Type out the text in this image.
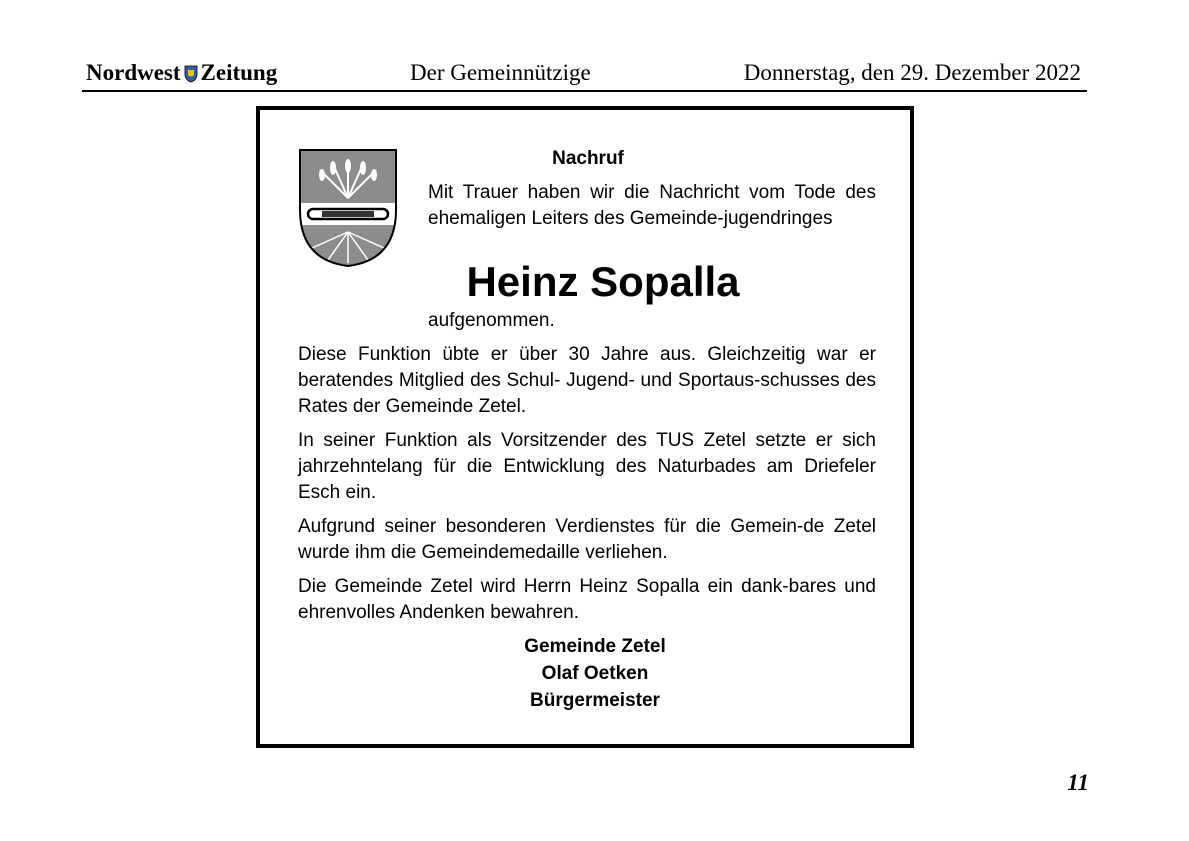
Nordwest Zeitung	Der Gemeinnützige	Donnerstag, den 29. Dezember 2022
Nachruf
Mit Trauer haben wir die Nachricht vom Tode des ehemaligen Leiters des Gemeinde-jugendringes
Heinz Sopalla
aufgenommen.
Diese Funktion übte er über 30 Jahre aus. Gleichzeitig war er beratendes Mitglied des Schul- Jugend- und Sportaus-schusses des Rates der Gemeinde Zetel.
In seiner Funktion als Vorsitzender des TUS Zetel setzte er sich jahrzehntelang für die Entwicklung des Naturbades am Driefeler Esch ein.
Aufgrund seiner besonderen Verdienstes für die Gemein-de Zetel wurde ihm die Gemeindemedaille verliehen.
Die Gemeinde Zetel wird Herrn Heinz Sopalla ein dank-bares und ehrenvolles Andenken bewahren.
Gemeinde Zetel
Olaf Oetken
Bürgermeister
11
